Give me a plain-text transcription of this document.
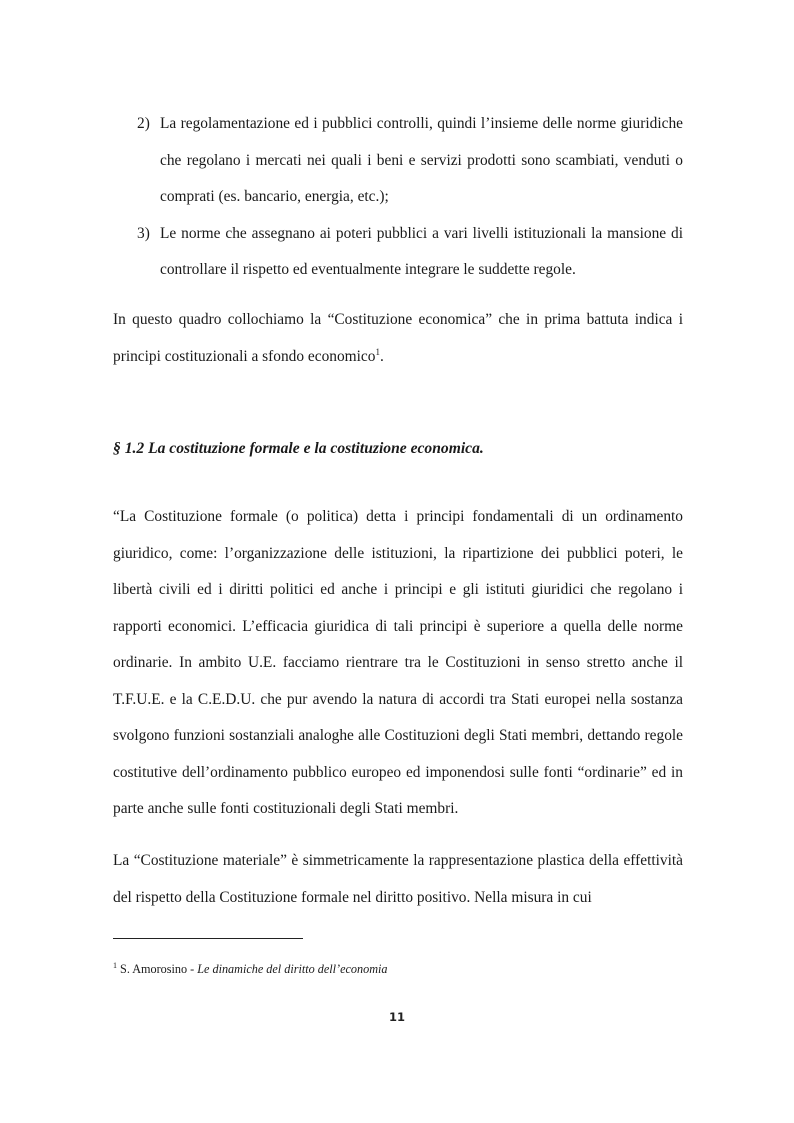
2) La regolamentazione ed i pubblici controlli, quindi l’insieme delle norme giuridiche che regolano i mercati nei quali i beni e servizi prodotti sono scambiati, venduti o comprati (es. bancario, energia, etc.);
3) Le norme che assegnano ai poteri pubblici a vari livelli istituzionali la mansione di controllare il rispetto ed eventualmente integrare le suddette regole.

In questo quadro collochiamo la “Costituzione economica” che in prima battuta indica i principi costituzionali a sfondo economico$^1$.

§ 1.2 La costituzione formale e la costituzione economica.

“La Costituzione formale (o politica) detta i principi fondamentali di un ordinamento giuridico, come: l’organizzazione delle istituzioni, la ripartizione dei pubblici poteri, le libertà civili ed i diritti politici ed anche i principi e gli istituti giuridici che regolano i rapporti economici. L’efficacia giuridica di tali principi è superiore a quella delle norme ordinarie. In ambito U.E. facciamo rientrare tra le Costituzioni in senso stretto anche il T.F.U.E. e la C.E.D.U. che pur avendo la natura di accordi tra Stati europei nella sostanza svolgono funzioni sostanziali analoghe alle Costituzioni degli Stati membri, dettando regole costitutive dell’ordinamento pubblico europeo ed imponendosi sulle fonti “ordinarie” ed in parte anche sulle fonti costituzionali degli Stati membri.

La “Costituzione materiale” è simmetricamente la rappresentazione plastica della effettività del rispetto della Costituzione formale nel diritto positivo. Nella misura in cui

$^1$ S. Amorosino - Le dinamiche del diritto dell’economia

11
